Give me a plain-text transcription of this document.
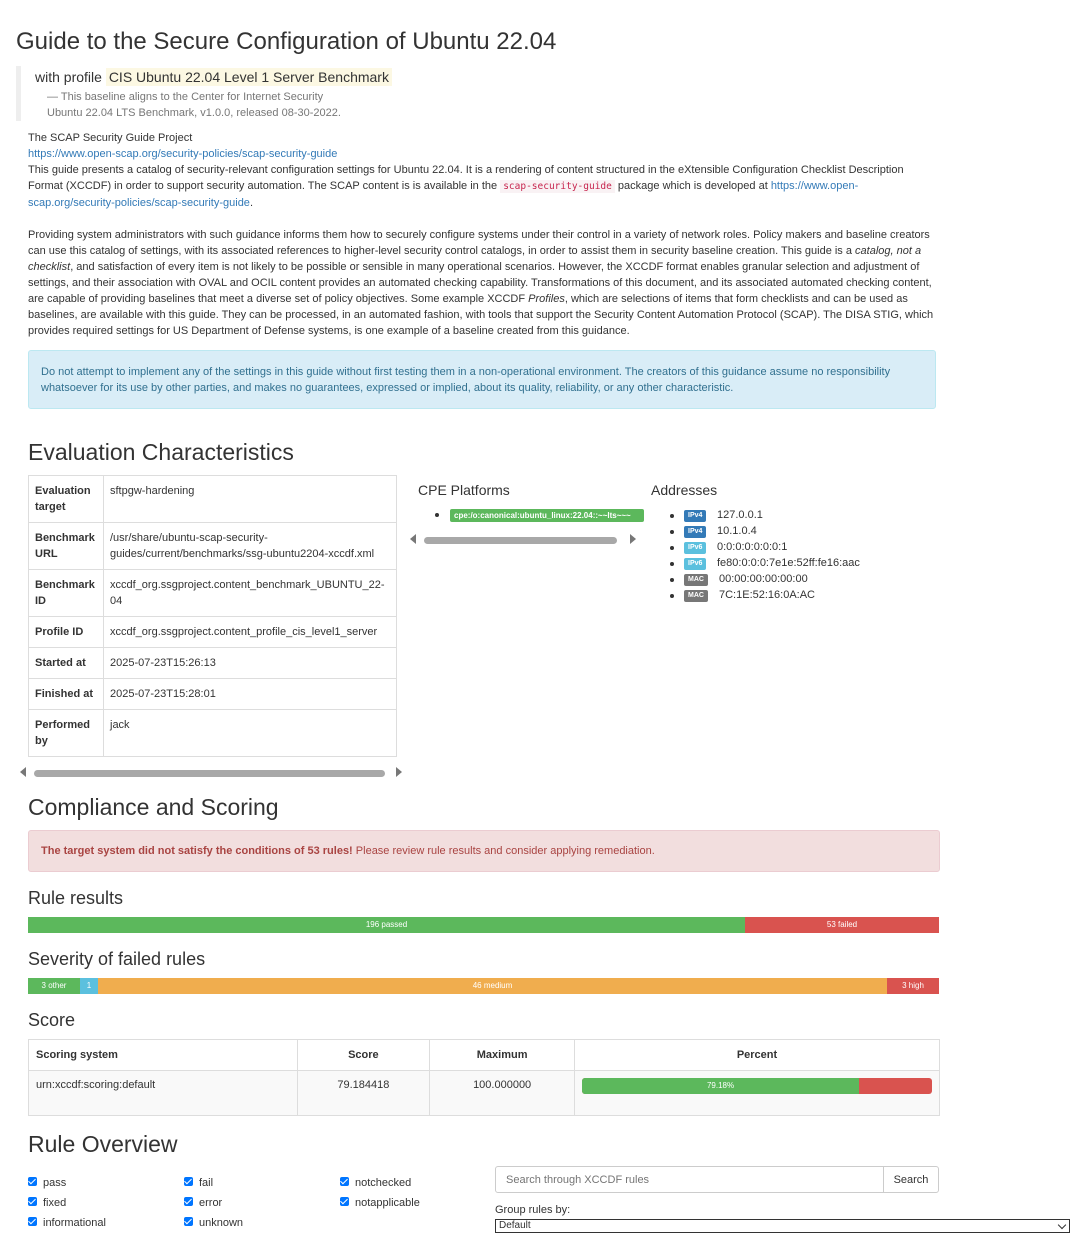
Guide to the Secure Configuration of Ubuntu 22.04
with profile CIS Ubuntu 22.04 Level 1 Server Benchmark
— This baseline aligns to the Center for Internet Security
Ubuntu 22.04 LTS Benchmark, v1.0.0, released 08-30-2022.

The SCAP Security Guide Project

https://www.open-scap.org/security-policies/scap-security-guide

This guide presents a catalog of security-relevant configuration settings for Ubuntu 22.04. It is a rendering of content structured in the eXtensible Configuration Checklist Description Format (XCCDF) in order to support security automation. The SCAP content is is available in the scap-security-guide package which is developed at https://www.open-scap.org/security-policies/scap-security-guide.

Providing system administrators with such guidance informs them how to securely configure systems under their control in a variety of network roles. Policy makers and baseline creators can use this catalog of settings, with its associated references to higher-level security control catalogs, in order to assist them in security baseline creation. This guide is a catalog, not a checklist, and satisfaction of every item is not likely to be possible or sensible in many operational scenarios. However, the XCCDF format enables granular selection and adjustment of settings, and their association with OVAL and OCIL content provides an automated checking capability. Transformations of this document, and its associated automated checking content, are capable of providing baselines that meet a diverse set of policy objectives. Some example XCCDF Profiles, which are selections of items that form checklists and can be used as baselines, are available with this guide. They can be processed, in an automated fashion, with tools that support the Security Content Automation Protocol (SCAP). The DISA STIG, which provides required settings for US Department of Defense systems, is one example of a baseline created from this guidance.

Do not attempt to implement any of the settings in this guide without first testing them in a non-operational environment. The creators of this guidance assume no responsibility whatsoever for its use by other parties, and makes no guarantees, expressed or implied, about its quality, reliability, or any other characteristic.
Evaluation Characteristics
Evaluation target	sftpgw-hardening
Benchmark URL	/usr/share/ubuntu-scap-security-guides/current/benchmarks/ssg-ubuntu2204-xccdf.xml
Benchmark ID	xccdf_org.ssgproject.content_benchmark_UBUNTU_22-04
Profile ID	xccdf_org.ssgproject.content_profile_cis_level1_server
Started at	2025-07-23T15:26:13
Finished at	2025-07-23T15:28:01
Performed by	jack
CPE Platforms
cpe:/o:canonical:ubuntu_linux:22.04::~~lts~~~
Addresses
IPv4	127.0.0.1
IPv4	10.1.0.4
IPv6	0:0:0:0:0:0:0:1
IPv6	fe80:0:0:0:7e1e:52ff:fe16:aac
MAC	00:00:00:00:00:00
MAC	7C:1E:52:16:0A:AC
Compliance and Scoring
The target system did not satisfy the conditions of 53 rules! Please review rule results and consider applying remediation.
Rule results
196 passed	53 failed
Severity of failed rules
3 other	1	46 medium	3 high
Score
Scoring system	Score	Maximum	Percent
urn:xccdf:scoring:default	79.184418	100.000000	79.18%
Rule Overview
pass
fixed
informational
fail
error
unknown
notchecked
notapplicable
Search through XCCDF rules
Search
Group rules by:
Default
